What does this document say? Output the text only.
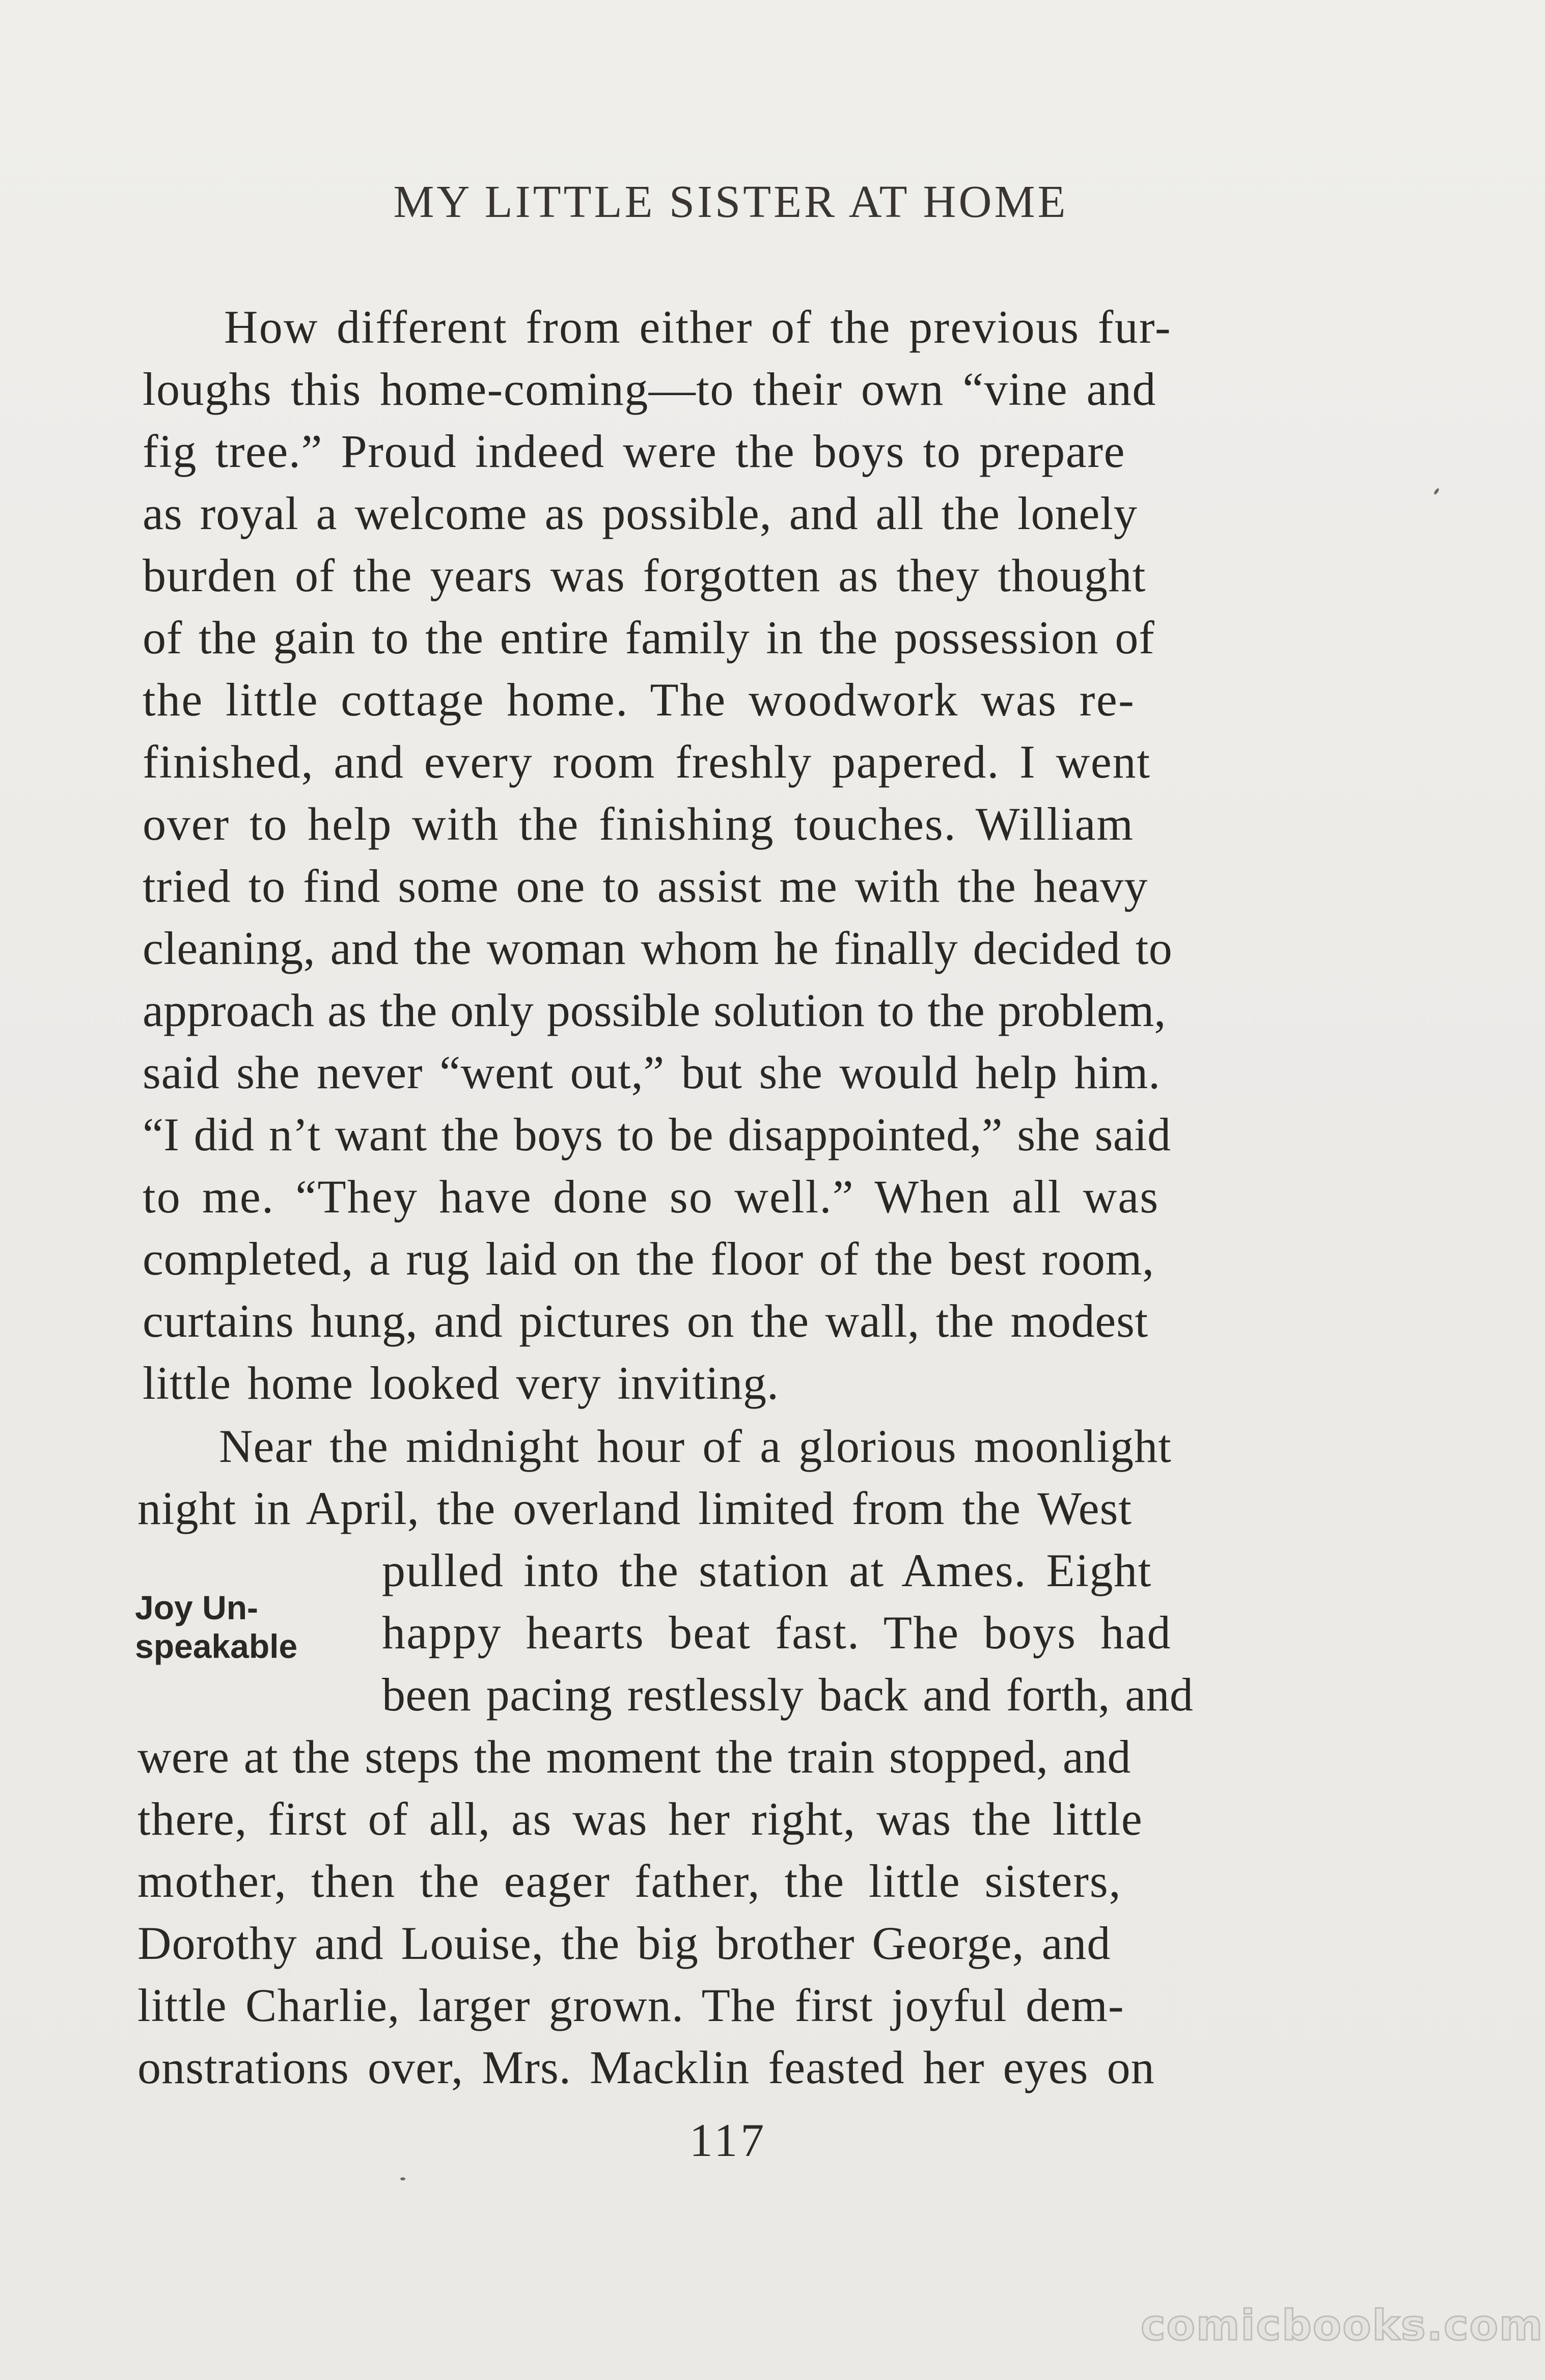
MY LITTLE SISTER AT HOME
How different from either of the previous fur-
loughs this home-coming—to their own “vine and
fig tree.” Proud indeed were the boys to prepare
as royal a welcome as possible, and all the lonely
burden of the years was forgotten as they thought
of the gain to the entire family in the possession of
the little cottage home. The woodwork was re-
finished, and every room freshly papered. I went
over to help with the finishing touches. William
tried to find some one to assist me with the heavy
cleaning, and the woman whom he finally decided to
approach as the only possible solution to the problem,
said she never “went out,” but she would help him.
“I did n’t want the boys to be disappointed,” she said
to me. “They have done so well.” When all was
completed, a rug laid on the floor of the best room,
curtains hung, and pictures on the wall, the modest
little home looked very inviting.
Near the midnight hour of a glorious moonlight
night in April, the overland limited from the West
pulled into the station at Ames. Eight
happy hearts beat fast. The boys had
been pacing restlessly back and forth, and
were at the steps the moment the train stopped, and
there, first of all, as was her right, was the little
mother, then the eager father, the little sisters,
Dorothy and Louise, the big brother George, and
little Charlie, larger grown. The first joyful dem-
onstrations over, Mrs. Macklin feasted her eyes on
Joy Un-
speakable
117
comicbooks.com
